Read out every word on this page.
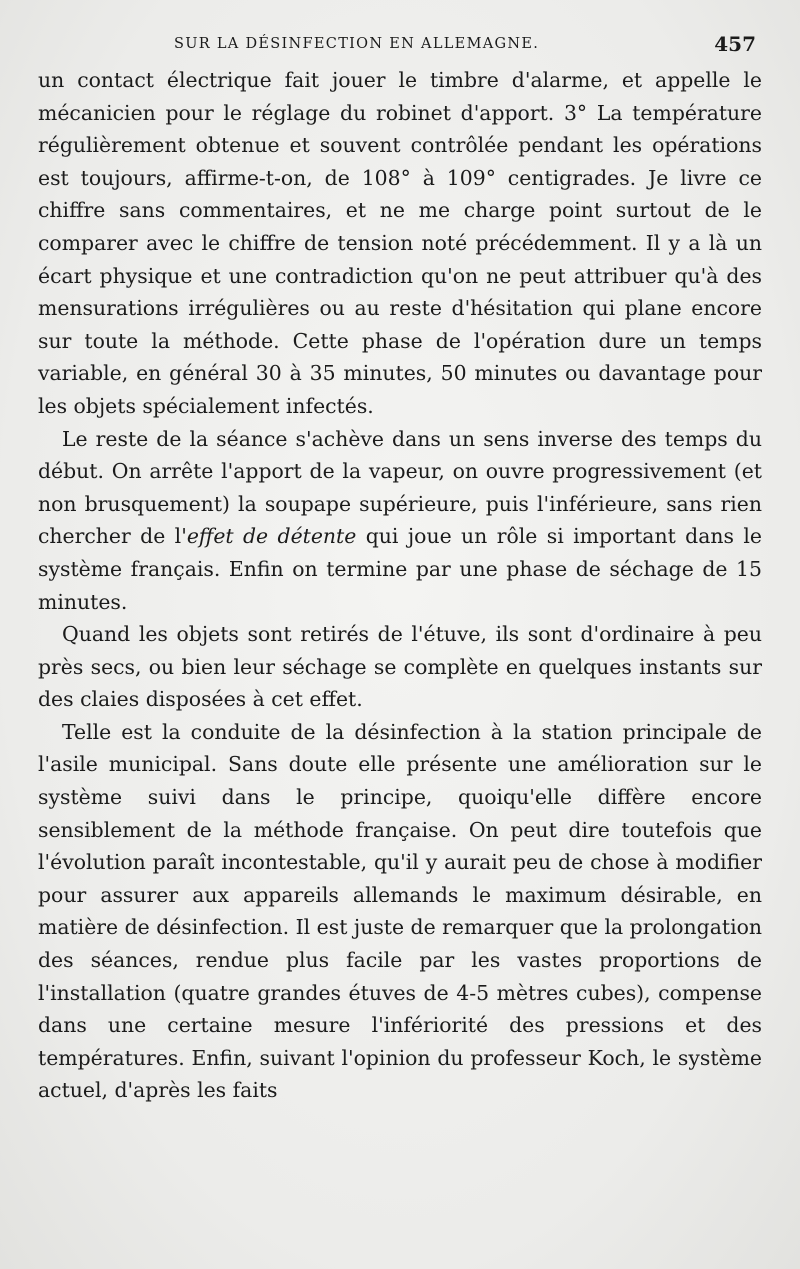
SUR LA DÉSINFECTION EN ALLEMAGNE.	457

un contact électrique fait jouer le timbre d'alarme, et appelle le mécanicien pour le réglage du robinet d'apport. 3° La température régulièrement obtenue et souvent contrôlée pendant les opérations est toujours, affirme-t-on, de 108° à 109° centigrades. Je livre ce chiffre sans commentaires, et ne me charge point surtout de le comparer avec le chiffre de tension noté précédemment. Il y a là un écart physique et une contradiction qu'on ne peut attribuer qu'à des mensurations irrégulières ou au reste d'hésitation qui plane encore sur toute la méthode. Cette phase de l'opération dure un temps variable, en général 30 à 35 minutes, 50 minutes ou davantage pour les objets spécialement infectés.

Le reste de la séance s'achève dans un sens inverse des temps du début. On arrête l'apport de la vapeur, on ouvre progressivement (et non brusquement) la soupape supérieure, puis l'inférieure, sans rien chercher de l'effet de détente qui joue un rôle si important dans le système français. Enfin on termine par une phase de séchage de 15 minutes.

Quand les objets sont retirés de l'étuve, ils sont d'ordinaire à peu près secs, ou bien leur séchage se complète en quelques instants sur des claies disposées à cet effet.

Telle est la conduite de la désinfection à la station principale de l'asile municipal. Sans doute elle présente une amélioration sur le système suivi dans le principe, quoiqu'elle diffère encore sensiblement de la méthode française. On peut dire toutefois que l'évolution paraît incontestable, qu'il y aurait peu de chose à modifier pour assurer aux appareils allemands le maximum désirable, en matière de désinfection. Il est juste de remarquer que la prolongation des séances, rendue plus facile par les vastes proportions de l'installation (quatre grandes étuves de 4-5 mètres cubes), compense dans une certaine mesure l'infériorité des pressions et des températures. Enfin, suivant l'opinion du professeur Koch, le système actuel, d'après les faits
